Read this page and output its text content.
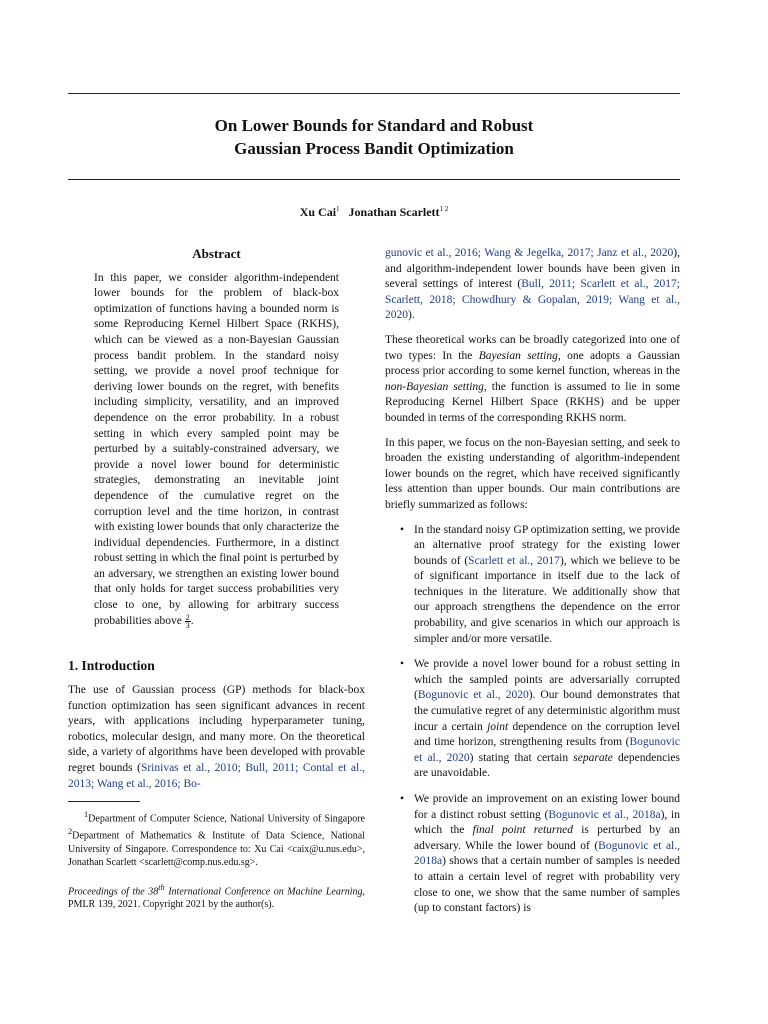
On Lower Bounds for Standard and Robust
Gaussian Process Bandit Optimization
Xu Cai$^1$ Jonathan Scarlett$^{1 2}$
Abstract

In this paper, we consider algorithm-independent lower bounds for the problem of black-box optimization of functions having a bounded norm is some Reproducing Kernel Hilbert Space (RKHS), which can be viewed as a non-Bayesian Gaussian process bandit problem. In the standard noisy setting, we provide a novel proof technique for deriving lower bounds on the regret, with benefits including simplicity, versatility, and an improved dependence on the error probability. In a robust setting in which every sampled point may be perturbed by a suitably-constrained adversary, we provide a novel lower bound for deterministic strategies, demonstrating an inevitable joint dependence of the cumulative regret on the corruption level and the time horizon, in contrast with existing lower bounds that only characterize the individual dependencies. Furthermore, in a distinct robust setting in which the final point is perturbed by an adversary, we strengthen an existing lower bound that only holds for target success probabilities very close to one, by allowing for arbitrary success probabilities above $\frac{2}{3}$ .

1. Introduction

The use of Gaussian process (GP) methods for black-box function optimization has seen significant advances in recent years, with applications including hyperparameter tuning, robotics, molecular design, and many more. On the theoretical side, a variety of algorithms have been developed with provable regret bounds (Srinivas et al., 2010; Bull, 2011; Contal et al., 2013; Wang et al., 2016; Bo-

$^1$Department of Computer Science, National University of Singapore $^2$Department of Mathematics & Institute of Data Science, National University of Singapore. Correspondence to: Xu Cai <caix@u.nus.edu>, Jonathan Scarlett <scarlett@comp.nus.edu.sg>.
Proceedings of the 38th International Conference on Machine Learning, PMLR 139, 2021. Copyright 2021 by the author(s).

gunovic et al., 2016; Wang & Jegelka, 2017; Janz et al., 2020), and algorithm-independent lower bounds have been given in several settings of interest (Bull, 2011; Scarlett et al., 2017; Scarlett, 2018; Chowdhury & Gopalan, 2019; Wang et al., 2020).

These theoretical works can be broadly categorized into one of two types: In the Bayesian setting, one adopts a Gaussian process prior according to some kernel function, whereas in the non-Bayesian setting, the function is assumed to lie in some Reproducing Kernel Hilbert Space (RKHS) and be upper bounded in terms of the corresponding RKHS norm.

In this paper, we focus on the non-Bayesian setting, and seek to broaden the existing understanding of algorithm-independent lower bounds on the regret, which have received significantly less attention than upper bounds. Our main contributions are briefly summarized as follows:

• In the standard noisy GP optimization setting, we provide an alternative proof strategy for the existing lower bounds of (Scarlett et al., 2017), which we believe to be of significant importance in itself due to the lack of techniques in the literature. We additionally show that our approach strengthens the dependence on the error probability, and give scenarios in which our approach is simpler and/or more versatile.
• We provide a novel lower bound for a robust setting in which the sampled points are adversarially corrupted (Bogunovic et al., 2020). Our bound demonstrates that the cumulative regret of any deterministic algorithm must incur a certain joint dependence on the corruption level and time horizon, strengthening results from (Bogunovic et al., 2020) stating that certain separate dependencies are unavoidable.
• We provide an improvement on an existing lower bound for a distinct robust setting (Bogunovic et al., 2018a), in which the final point returned is perturbed by an adversary. While the lower bound of (Bogunovic et al., 2018a) shows that a certain number of samples is needed to attain a certain level of regret with probability very close to one, we show that the same number of samples (up to constant factors) is
